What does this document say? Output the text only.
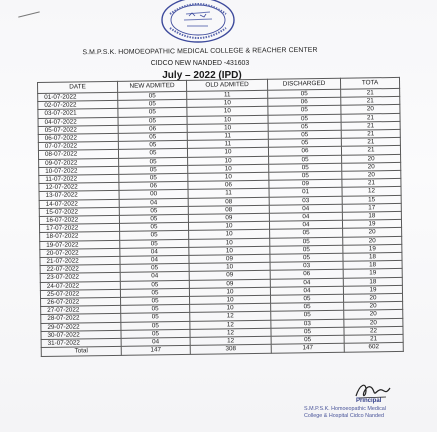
S.M.P.S.K. HOMOEOPATHIC MEDICAL COLLEGE & REACHER CENTER
CIDCO NEW NANDED -431603
July – 2022 (IPD)
DATE	NEW ADMITED	OLD ADMITED	DISCHARGED	TOTA
01-07-2022	05	11	05	21
02-07-2022	05	10	06	21
03-07-2021	05	10	05	20
04-07-2022	05	10	05	21
05-07-2022	06	10	05	21
06-07-2022	05	11	05	21
07-07-2022	05	11	05	21
08-07-2022	05	10	06	21
09-07-2022	05	10	05	20
10-07-2022	05	10	05	20
11-07-2022	05	10	05	20
12-07-2022	06	06	09	21
13-07-2022	00	11	01	12
14-07-2022	04	08	03	15
15-07-2022	05	08	04	17
16-07-2022	05	09	04	18
17-07-2022	05	10	04	19
18-07-2022	05	10	05	20
19-07-2022	05	10	05	20
20-07-2022	04	10	05	19
21-07-2022	04	09	05	18
22-07-2022	05	10	03	18
23-07-2022	04	09	06	19
24-07-2022	05	09	04	18
25-07-2022	05	10	04	19
26-07-2022	05	10	05	20
27-07-2022	05	10	05	20
28-07-2022	05	12	05	20
29-07-2022	05	12	03	20
30-07-2022	05	12	05	22
31-07-2022	04	12	05	21
Total	147	308	147	602
Principal
S.M.P.S.K. Homoeopathic Medical
College & Hospital Cidco Nanded
